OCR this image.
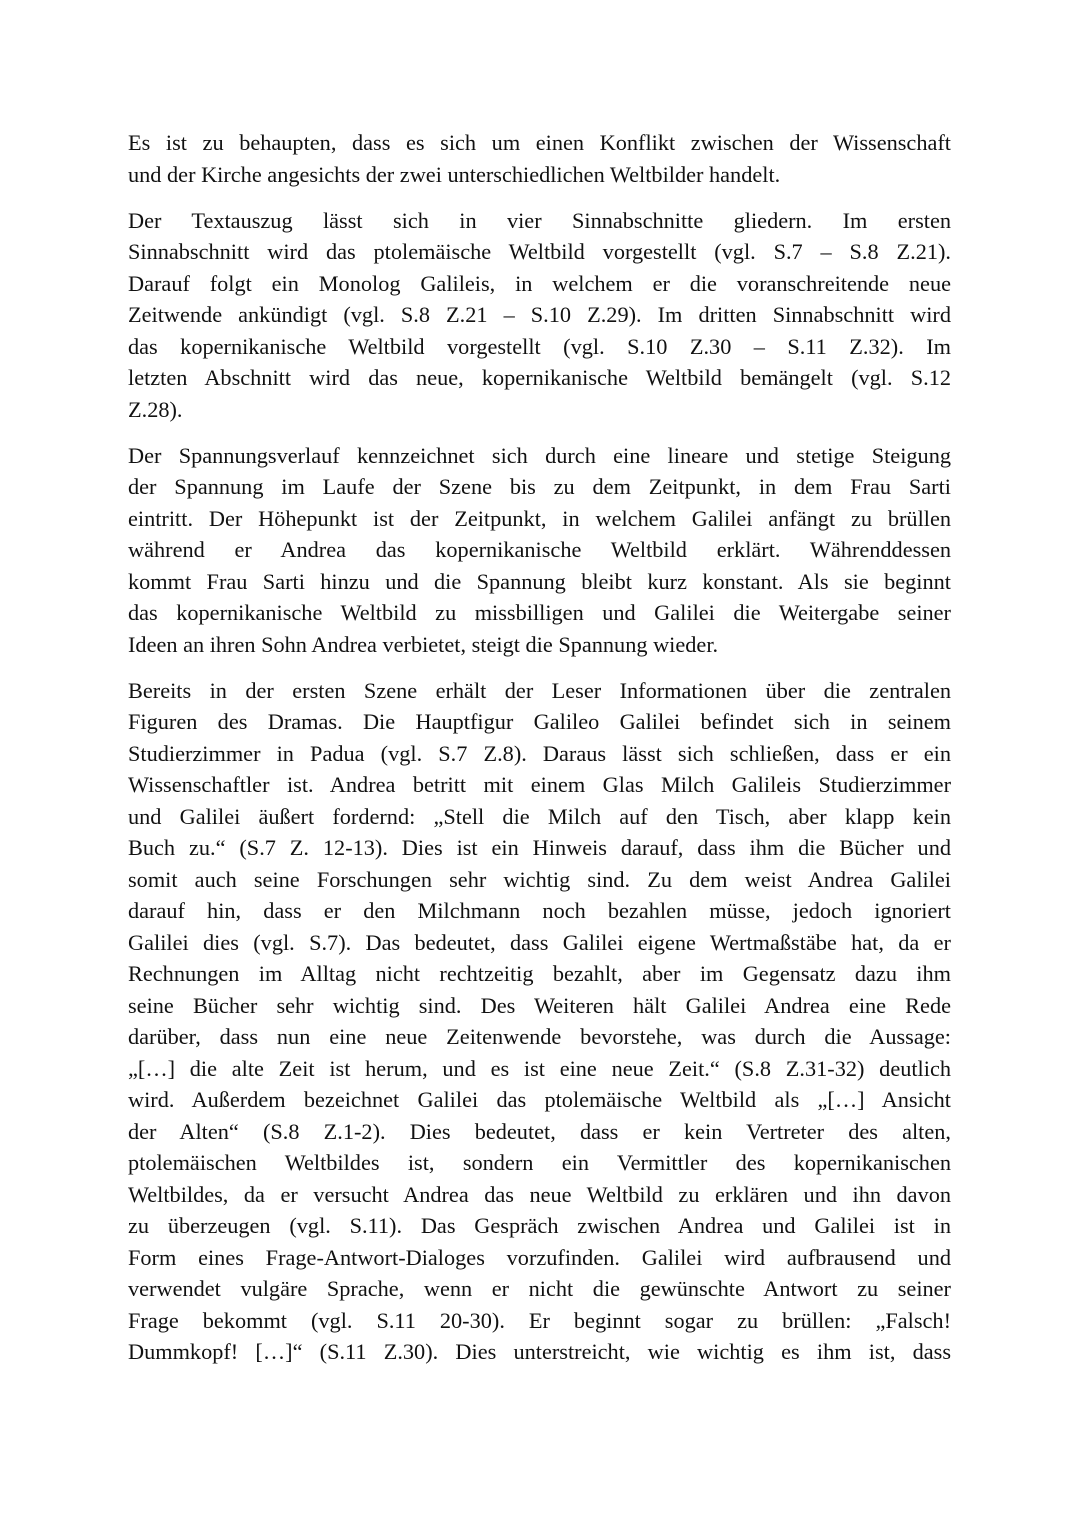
Es ist zu behaupten, dass es sich um einen Konflikt zwischen der Wissenschaft
und der Kirche angesichts der zwei unterschiedlichen Weltbilder handelt.
Der Textauszug lässt sich in vier Sinnabschnitte gliedern. Im ersten
Sinnabschnitt wird das ptolemäische Weltbild vorgestellt (vgl. S.7 – S.8 Z.21).
Darauf folgt ein Monolog Galileis, in welchem er die voranschreitende neue
Zeitwende ankündigt (vgl. S.8 Z.21 – S.10 Z.29). Im dritten Sinnabschnitt wird
das kopernikanische Weltbild vorgestellt (vgl. S.10 Z.30 – S.11 Z.32). Im
letzten Abschnitt wird das neue, kopernikanische Weltbild bemängelt (vgl. S.12
Z.28).
Der Spannungsverlauf kennzeichnet sich durch eine lineare und stetige Steigung
der Spannung im Laufe der Szene bis zu dem Zeitpunkt, in dem Frau Sarti
eintritt. Der Höhepunkt ist der Zeitpunkt, in welchem Galilei anfängt zu brüllen
während er Andrea das kopernikanische Weltbild erklärt. Währenddessen
kommt Frau Sarti hinzu und die Spannung bleibt kurz konstant. Als sie beginnt
das kopernikanische Weltbild zu missbilligen und Galilei die Weitergabe seiner
Ideen an ihren Sohn Andrea verbietet, steigt die Spannung wieder.
Bereits in der ersten Szene erhält der Leser Informationen über die zentralen
Figuren des Dramas. Die Hauptfigur Galileo Galilei befindet sich in seinem
Studierzimmer in Padua (vgl. S.7 Z.8). Daraus lässt sich schließen, dass er ein
Wissenschaftler ist. Andrea betritt mit einem Glas Milch Galileis Studierzimmer
und Galilei äußert fordernd: „Stell die Milch auf den Tisch, aber klapp kein
Buch zu.“ (S.7 Z. 12-13). Dies ist ein Hinweis darauf, dass ihm die Bücher und
somit auch seine Forschungen sehr wichtig sind. Zu dem weist Andrea Galilei
darauf hin, dass er den Milchmann noch bezahlen müsse, jedoch ignoriert
Galilei dies (vgl. S.7). Das bedeutet, dass Galilei eigene Wertmaßstäbe hat, da er
Rechnungen im Alltag nicht rechtzeitig bezahlt, aber im Gegensatz dazu ihm
seine Bücher sehr wichtig sind. Des Weiteren hält Galilei Andrea eine Rede
darüber, dass nun eine neue Zeitenwende bevorstehe, was durch die Aussage:
„[…] die alte Zeit ist herum, und es ist eine neue Zeit.“ (S.8 Z.31-32) deutlich
wird. Außerdem bezeichnet Galilei das ptolemäische Weltbild als „[…] Ansicht
der Alten“ (S.8 Z.1-2). Dies bedeutet, dass er kein Vertreter des alten,
ptolemäischen Weltbildes ist, sondern ein Vermittler des kopernikanischen
Weltbildes, da er versucht Andrea das neue Weltbild zu erklären und ihn davon
zu überzeugen (vgl. S.11). Das Gespräch zwischen Andrea und Galilei ist in
Form eines Frage-Antwort-Dialoges vorzufinden. Galilei wird aufbrausend und
verwendet vulgäre Sprache, wenn er nicht die gewünschte Antwort zu seiner
Frage bekommt (vgl. S.11 20-30). Er beginnt sogar zu brüllen: „Falsch!
Dummkopf! […]“ (S.11 Z.30). Dies unterstreicht, wie wichtig es ihm ist, dass
